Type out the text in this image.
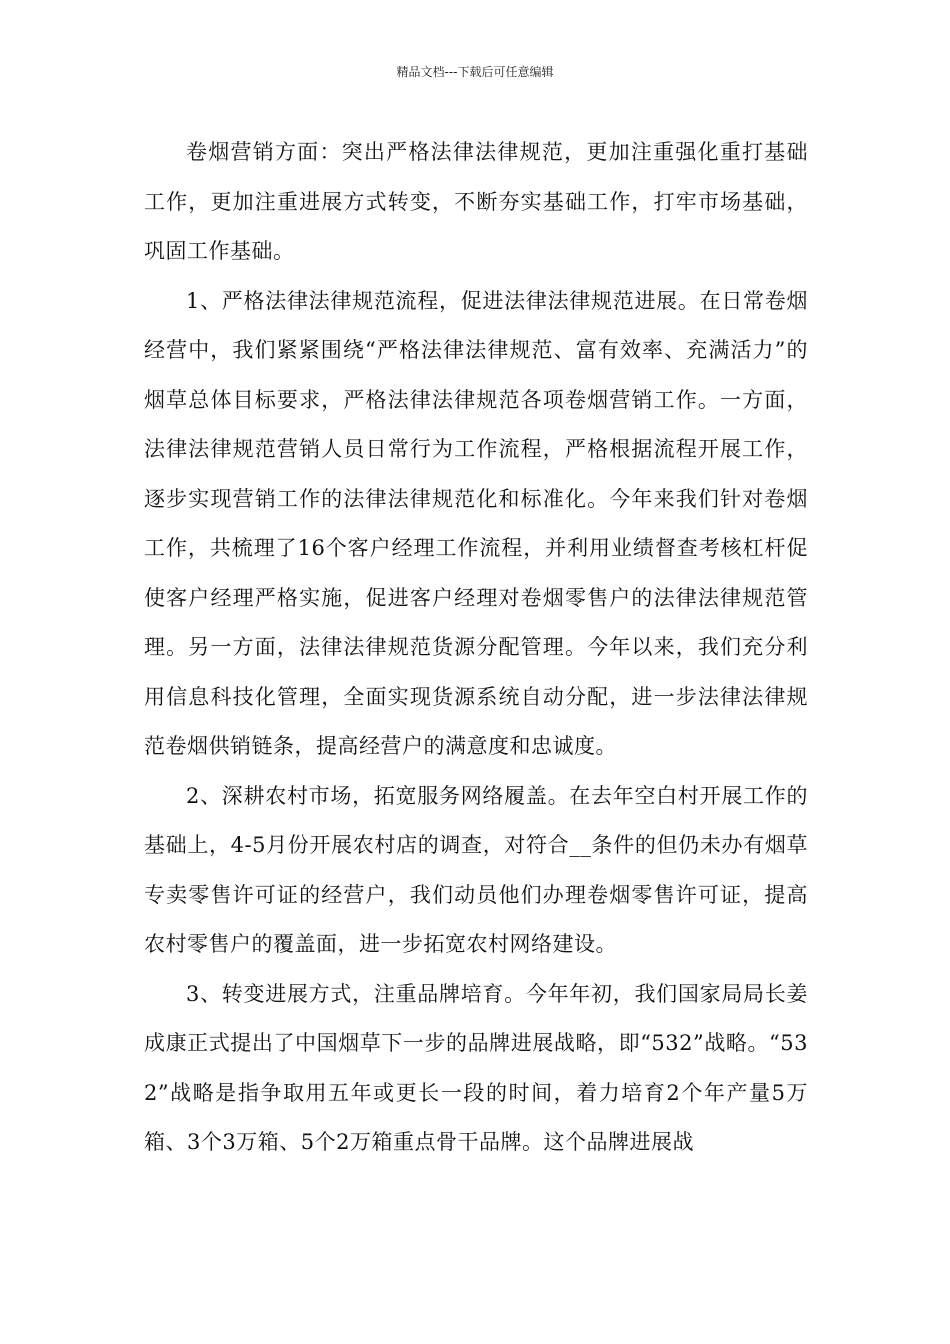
精品文档---下载后可任意编辑

卷烟营销方面：突出严格法律法律规范，更加注重强化重打基础工作，更加注重进展方式转变，不断夯实基础工作，打牢市场基础，巩固工作基础。

1、严格法律法律规范流程，促进法律法律规范进展。在日常卷烟经营中，我们紧紧围绕“严格法律法律规范、富有效率、充满活力”的烟草总体目标要求，严格法律法律规范各项卷烟营销工作。一方面，法律法律规范营销人员日常行为工作流程，严格根据流程开展工作，逐步实现营销工作的法律法律规范化和标准化。今年来我们针对卷烟工作，共梳理了16个客户经理工作流程，并利用业绩督查考核杠杆促使客户经理严格实施，促进客户经理对卷烟零售户的法律法律规范管理。另一方面，法律法律规范货源分配管理。今年以来，我们充分利用信息科技化管理，全面实现货源系统自动分配，进一步法律法律规范卷烟供销链条，提高经营户的满意度和忠诚度。

2、深耕农村市场，拓宽服务网络履盖。在去年空白村开展工作的基础上，4-5月份开展农村店的调查，对符合__条件的但仍未办有烟草专卖零售许可证的经营户，我们动员他们办理卷烟零售许可证，提高农村零售户的覆盖面，进一步拓宽农村网络建设。

3、转变进展方式，注重品牌培育。今年年初，我们国家局局长姜成康正式提出了中国烟草下一步的品牌进展战略，即“532”战略。“532”战略是指争取用五年或更长一段的时间，着力培育2个年产量5万箱、3个3万箱、5个2万箱重点骨干品牌。这个品牌进展战
